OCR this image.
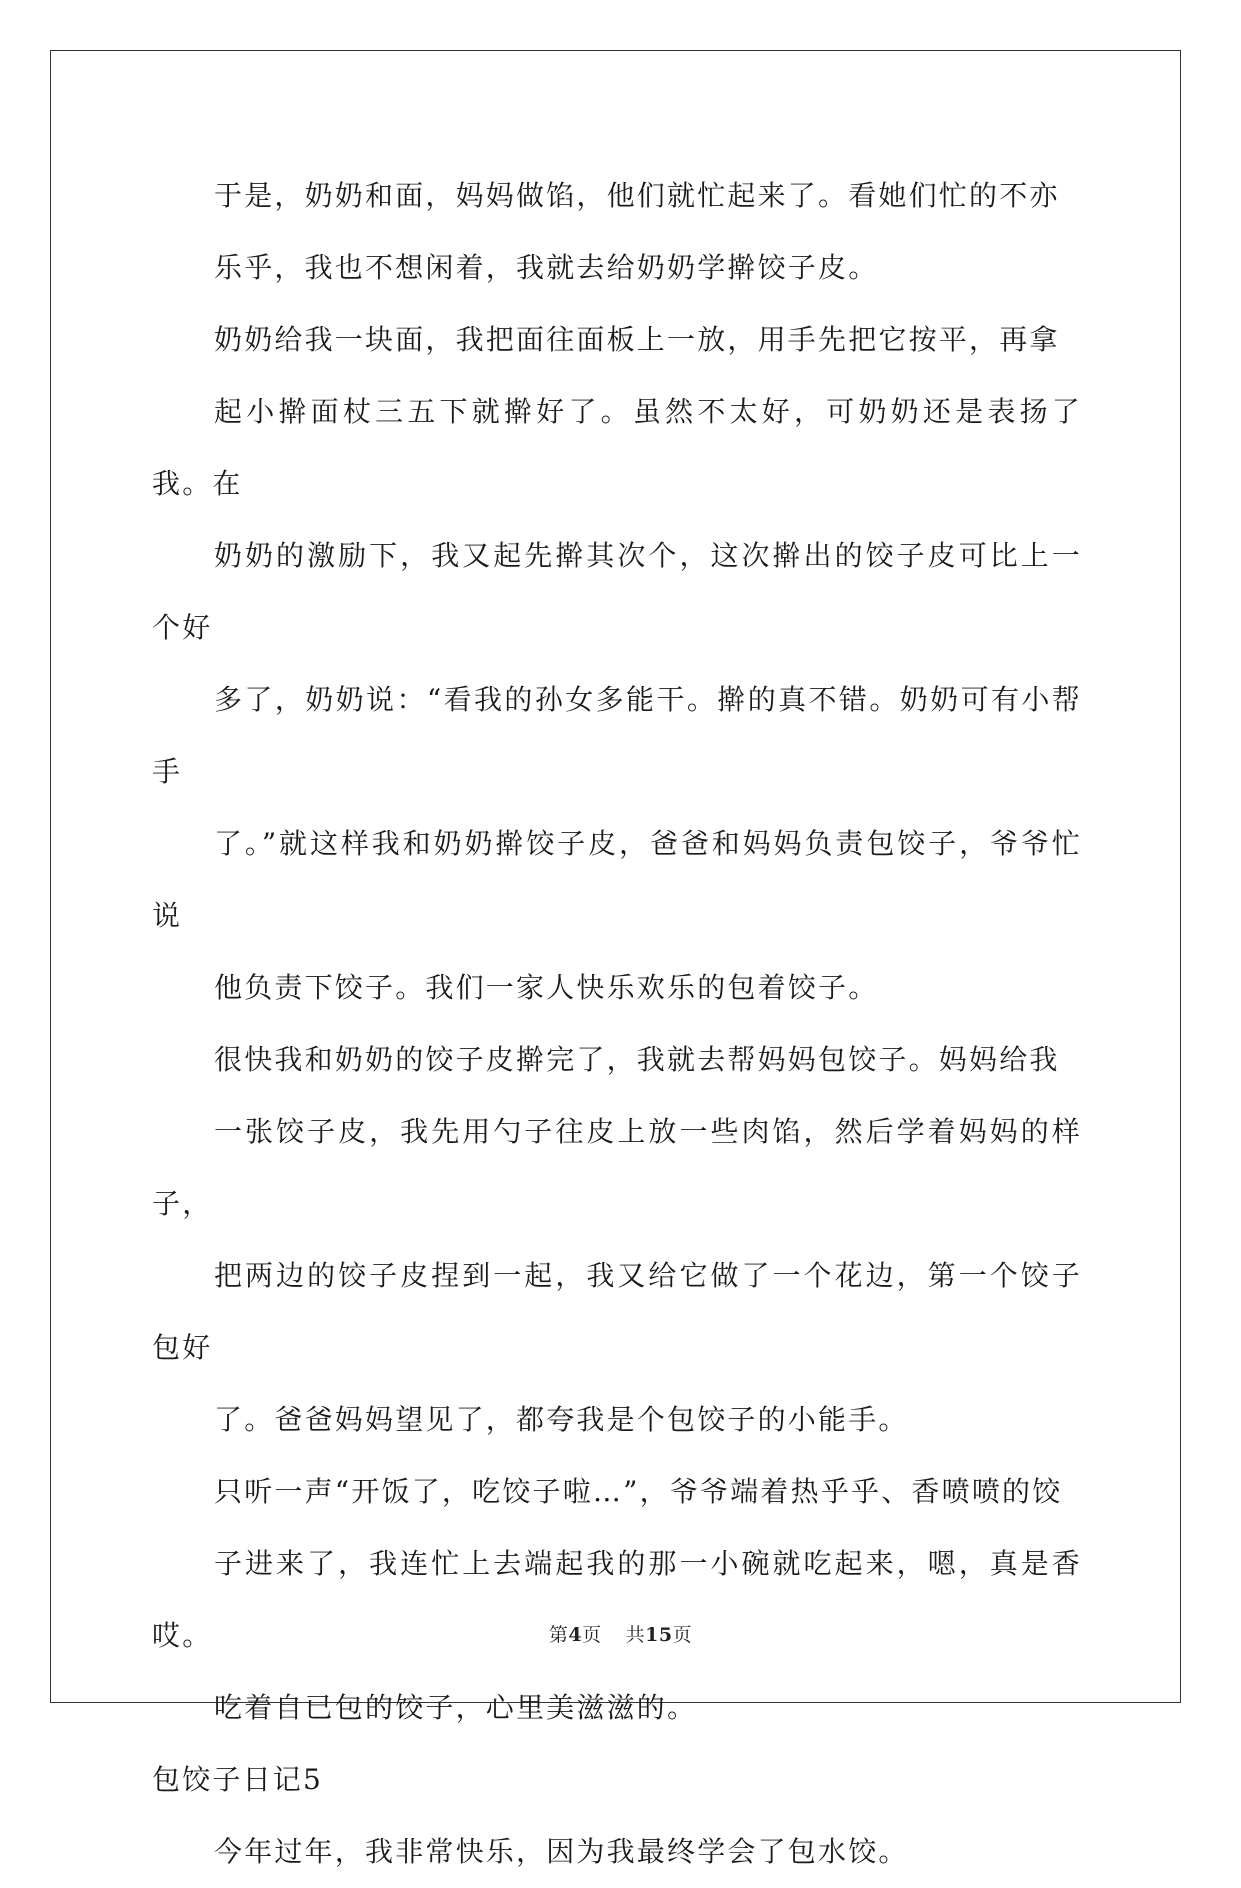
于是，奶奶和面，妈妈做馅，他们就忙起来了。看她们忙的不亦
乐乎，我也不想闲着，我就去给奶奶学擀饺子皮。

奶奶给我一块面，我把面往面板上一放，用手先把它按平，再拿
起小擀面杖三五下就擀好了。虽然不太好，可奶奶还是表扬了我。在
奶奶的激励下，我又起先擀其次个，这次擀出的饺子皮可比上一个好
多了，奶奶说：“看我的孙女多能干。擀的真不错。奶奶可有小帮手
了。”就这样我和奶奶擀饺子皮，爸爸和妈妈负责包饺子，爷爷忙说
他负责下饺子。我们一家人快乐欢乐的包着饺子。

很快我和奶奶的饺子皮擀完了，我就去帮妈妈包饺子。妈妈给我
一张饺子皮，我先用勺子往皮上放一些肉馅，然后学着妈妈的样子，
把两边的饺子皮捏到一起，我又给它做了一个花边，第一个饺子包好
了。爸爸妈妈望见了，都夸我是个包饺子的小能手。

只听一声“开饭了，吃饺子啦…”，爷爷端着热乎乎、香喷喷的饺
子进来了，我连忙上去端起我的那一小碗就吃起来，嗯，真是香哎。
吃着自已包的饺子，心里美滋滋的。

包饺子日记5

今年过年，我非常快乐，因为我最终学会了包水饺。

第4页 共15页
